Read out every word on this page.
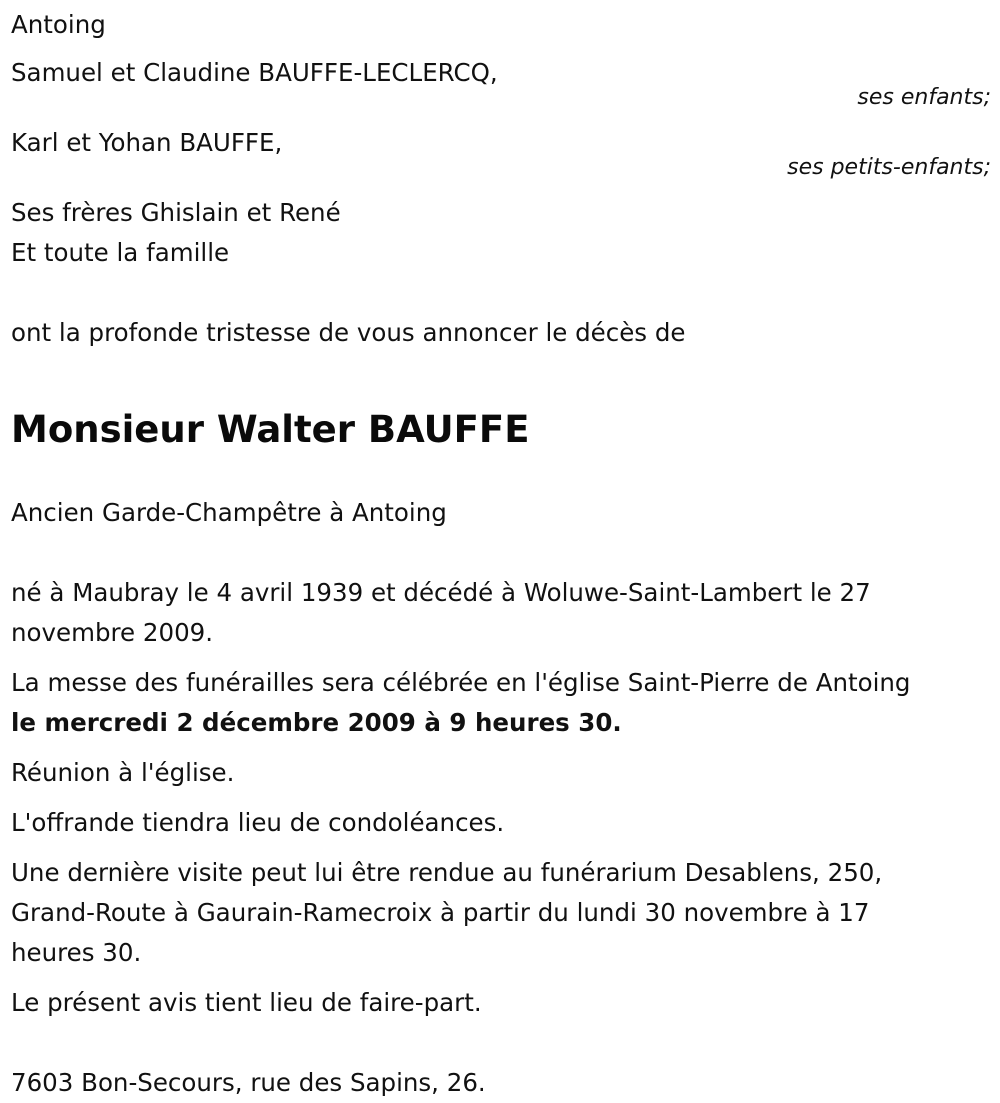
Antoing
Samuel et Claudine BAUFFE-LECLERCQ,
ses enfants;
Karl et Yohan BAUFFE,
ses petits-enfants;
Ses frères Ghislain et René
Et toute la famille
ont la profonde tristesse de vous annoncer le décès de
Monsieur Walter BAUFFE
Ancien Garde-Champêtre à Antoing
né à Maubray le 4 avril 1939 et décédé à Woluwe-Saint-Lambert le 27
novembre 2009.
La messe des funérailles sera célébrée en l'église Saint-Pierre de Antoing
le mercredi 2 décembre 2009 à 9 heures 30.
Réunion à l'église.
L'offrande tiendra lieu de condoléances.
Une dernière visite peut lui être rendue au funérarium Desablens, 250,
Grand-Route à Gaurain-Ramecroix à partir du lundi 30 novembre à 17
heures 30.
Le présent avis tient lieu de faire-part.
7603 Bon-Secours, rue des Sapins, 26.
